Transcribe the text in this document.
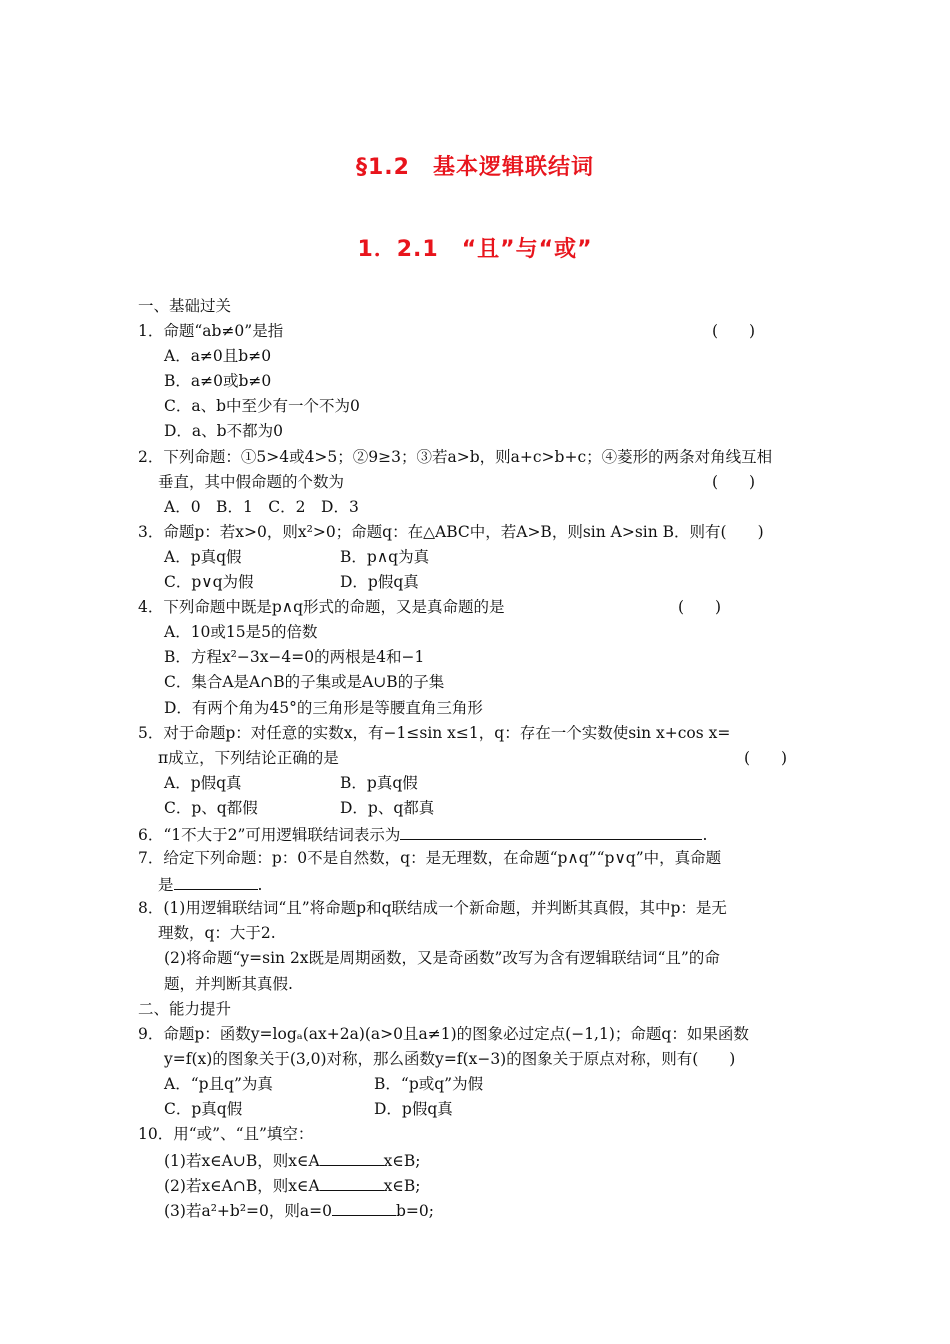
§1.2　基本逻辑联结词
1．2.1　“且”与“或”
一、基础过关
1．命题“ab≠0”是指	(　　)
A．a≠0且b≠0
B．a≠0或b≠0
C．a、b中至少有一个不为0
D．a、b不都为0
2．下列命题：①5>4或4>5；②9≥3；③若a>b，则a+c>b+c；④菱形的两条对角线互相
垂直，其中假命题的个数为	(　　)
A．0　B．1　C．2　D．3
3．命题p：若x>0，则x²>0；命题q：在△ABC中，若A>B，则sin A>sin B．则有(　　)
A．p真q假	B．p∧q为真
C．p∨q为假	D．p假q真
4．下列命题中既是p∧q形式的命题，又是真命题的是	(　　)
A．10或15是5的倍数
B．方程x²−3x−4=0的两根是4和−1
C．集合A是A∩B的子集或是A∪B的子集
D．有两个角为45°的三角形是等腰直角三角形
5．对于命题p：对任意的实数x，有−1≤sin x≤1，q：存在一个实数使sin x+cos x=
π成立，下列结论正确的是	(　　)
A．p假q真	B．p真q假
C．p、q都假	D．p、q都真
6．“1不大于2”可用逻辑联结词表示为	.
7．给定下列命题：p：0不是自然数，q：是无理数，在命题“p∧q”“p∨q”中，真命题
是	.
8．(1)用逻辑联结词“且”将命题p和q联结成一个新命题，并判断其真假，其中p：是无
理数，q：大于2.
(2)将命题“y=sin 2x既是周期函数，又是奇函数”改写为含有逻辑联结词“且”的命
题，并判断其真假.
二、能力提升
9．命题p：函数y=logₐ(ax+2a)(a>0且a≠1)的图象必过定点(−1,1)；命题q：如果函数
y=f(x)的图象关于(3,0)对称，那么函数y=f(x−3)的图象关于原点对称，则有(　　)
A．“p且q”为真	B．“p或q”为假
C．p真q假	D．p假q真
10．用“或”、“且”填空：
(1)若x∈A∪B，则x∈A	x∈B;
(2)若x∈A∩B，则x∈A	x∈B;
(3)若a²+b²=0，则a=0	b=0;
